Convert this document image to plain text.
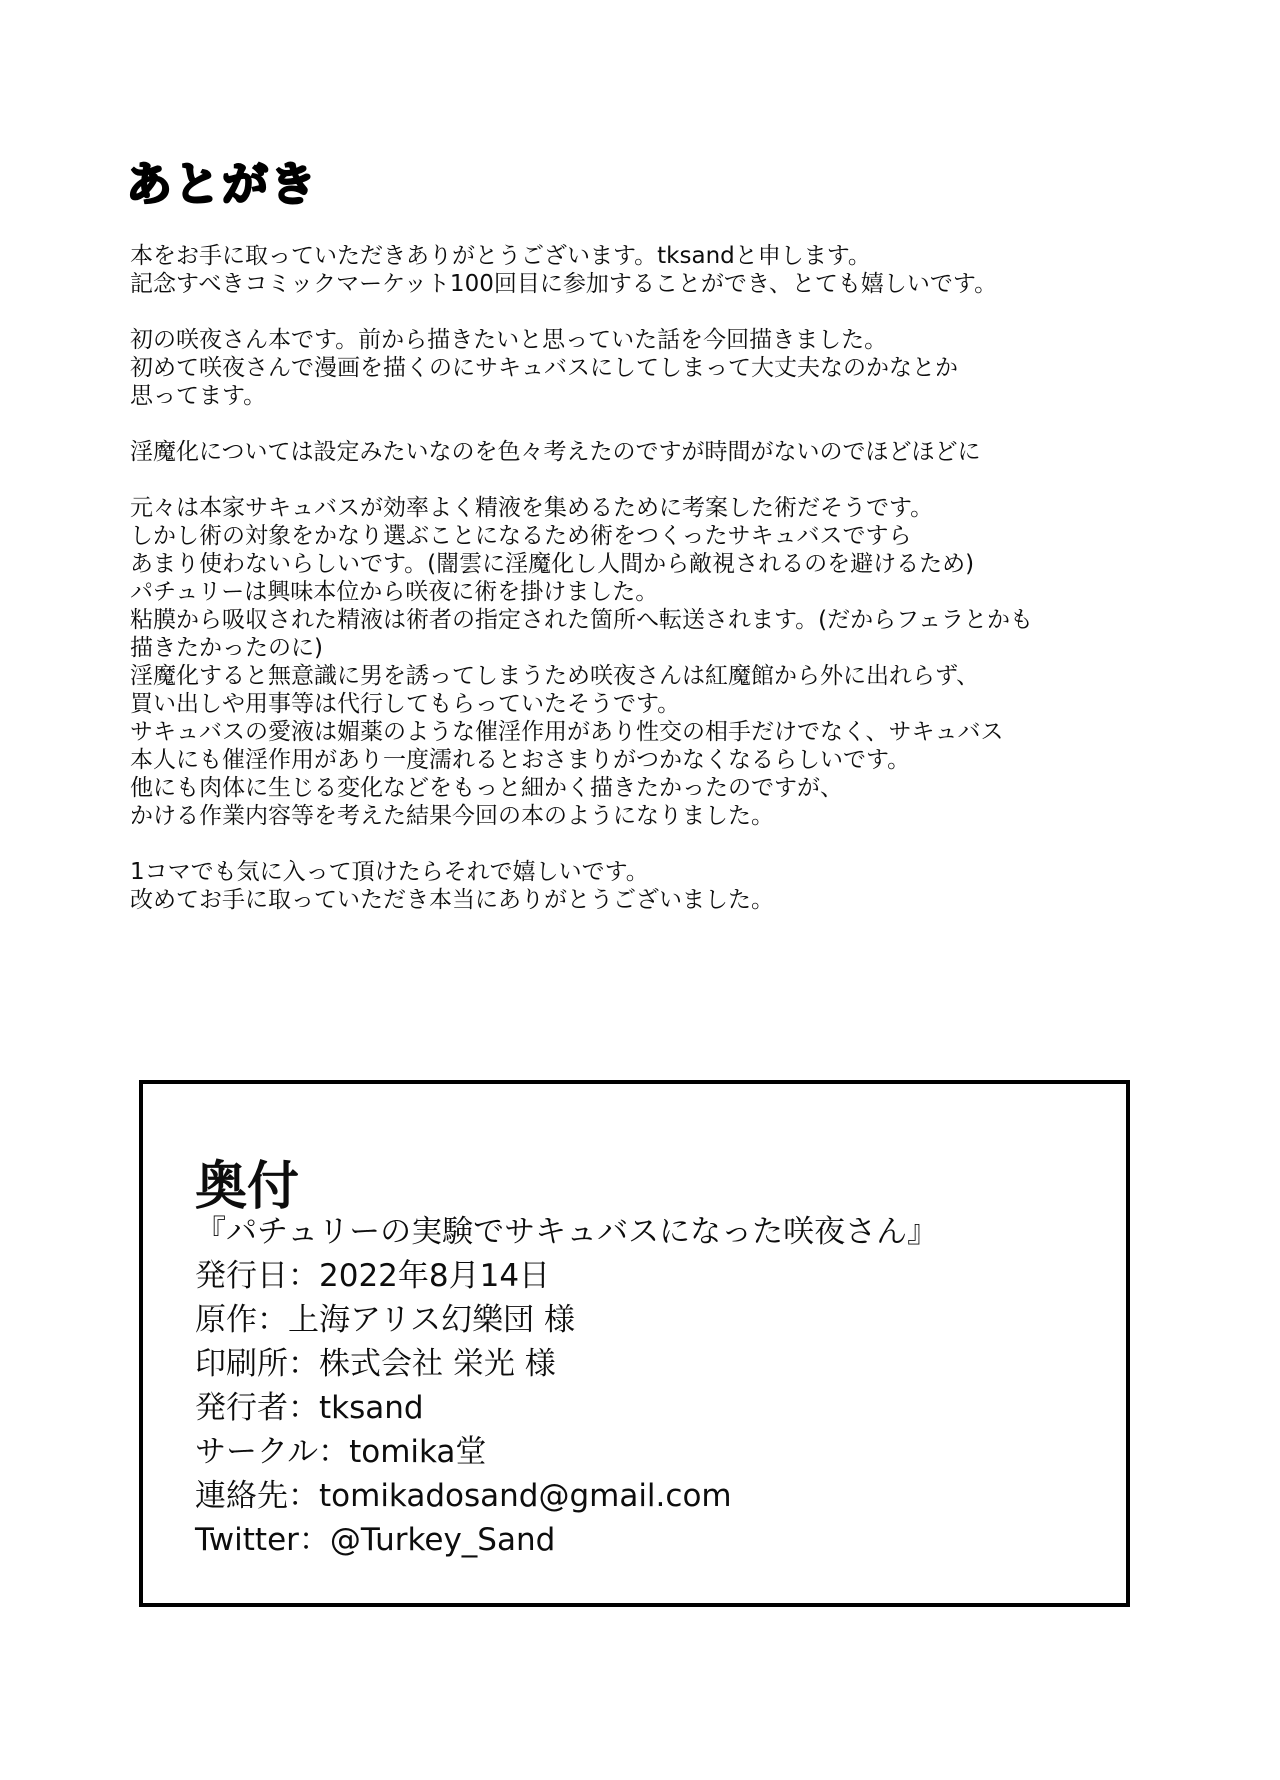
あとがき

本をお手に取っていただきありがとうございます。tksandと申します。
記念すべきコミックマーケット100回目に参加することができ、とても嬉しいです。

初の咲夜さん本です。前から描きたいと思っていた話を今回描きました。
初めて咲夜さんで漫画を描くのにサキュバスにしてしまって大丈夫なのかなとか
思ってます。

淫魔化については設定みたいなのを色々考えたのですが時間がないのでほどほどに

元々は本家サキュバスが効率よく精液を集めるために考案した術だそうです。
しかし術の対象をかなり選ぶことになるため術をつくったサキュバスですら
あまり使わないらしいです。(闇雲に淫魔化し人間から敵視されるのを避けるため)
パチュリーは興味本位から咲夜に術を掛けました。
粘膜から吸収された精液は術者の指定された箇所へ転送されます。(だからフェラとかも
描きたかったのに)
淫魔化すると無意識に男を誘ってしまうため咲夜さんは紅魔館から外に出れらず、
買い出しや用事等は代行してもらっていたそうです。
サキュバスの愛液は媚薬のような催淫作用があり性交の相手だけでなく、サキュバス
本人にも催淫作用があり一度濡れるとおさまりがつかなくなるらしいです。
他にも肉体に生じる変化などをもっと細かく描きたかったのですが、
かける作業内容等を考えた結果今回の本のようになりました。

1コマでも気に入って頂けたらそれで嬉しいです。
改めてお手に取っていただき本当にありがとうございました。

奥付
『パチュリーの実験でサキュバスになった咲夜さん』
発行日：2022年8月14日
原作：上海アリス幻樂団 様
印刷所：株式会社 栄光 様
発行者：tksand
サークル：tomika堂
連絡先：tomikadosand@gmail.com
Twitter：@Turkey_Sand
